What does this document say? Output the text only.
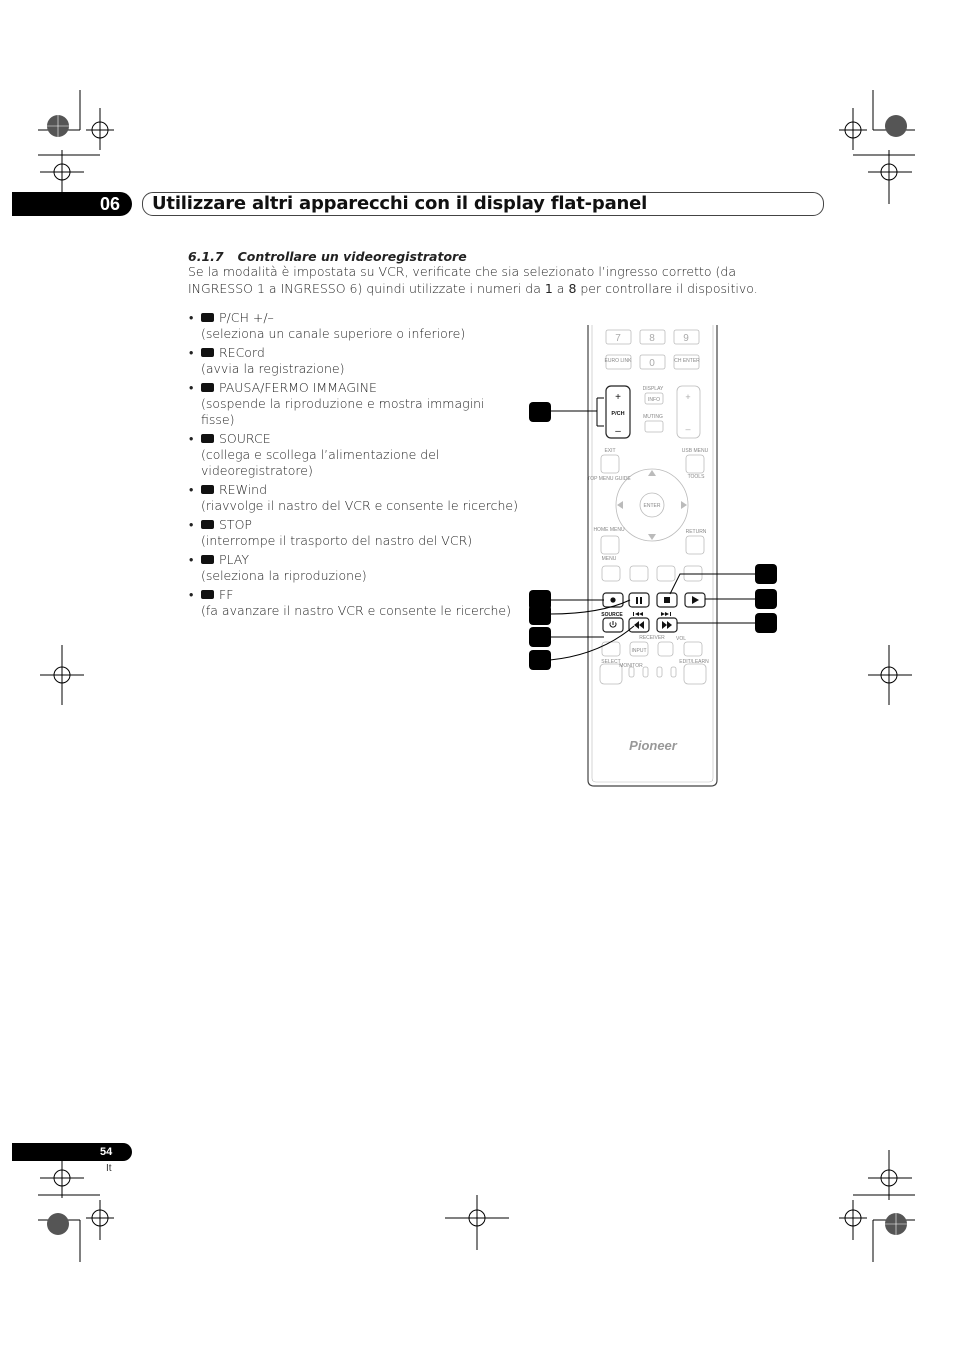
06	Utilizzare altri apparecchi con il display flat-panel
6.1.7 Controllare un videoregistratore
Se la modalità è impostata su VCR, verificate che sia selezionato l’ingresso corretto (da INGRESSO 1 a INGRESSO 6) quindi utilizzate i numeri da 1 a 8 per controllare il dispositivo.
• P/CH +/–
(seleziona un canale superiore o inferiore)
• RECord
(avvia la registrazione)
• PAUSA/FERMO IMMAGINE
(sospende la riproduzione e mostra immagini fisse)
• SOURCE
(collega e scollega l’alimentazione del videoregistratore)
• REWind
(riavvolge il nastro del VCR e consente le ricerche)
• STOP
(interrompe il trasporto del nastro del VCR)
• PLAY
(seleziona la riproduzione)
• FF
(fa avanzare il nastro VCR e consente le ricerche)
7	8	9
0
EURO LINK	CH ENTER
DISPLAY
INFO
MUTING
EXIT	USB MENU
TOP MENU GUIDE	TOOLS
ENTER
HOME MENU	RETURN
MENU
RECEIVER VOL
INPUT
SELECT	EDIT/LEARN
MONITOR
+
–
+
P/CH
–
SOURCE
Pioneer
54
It
